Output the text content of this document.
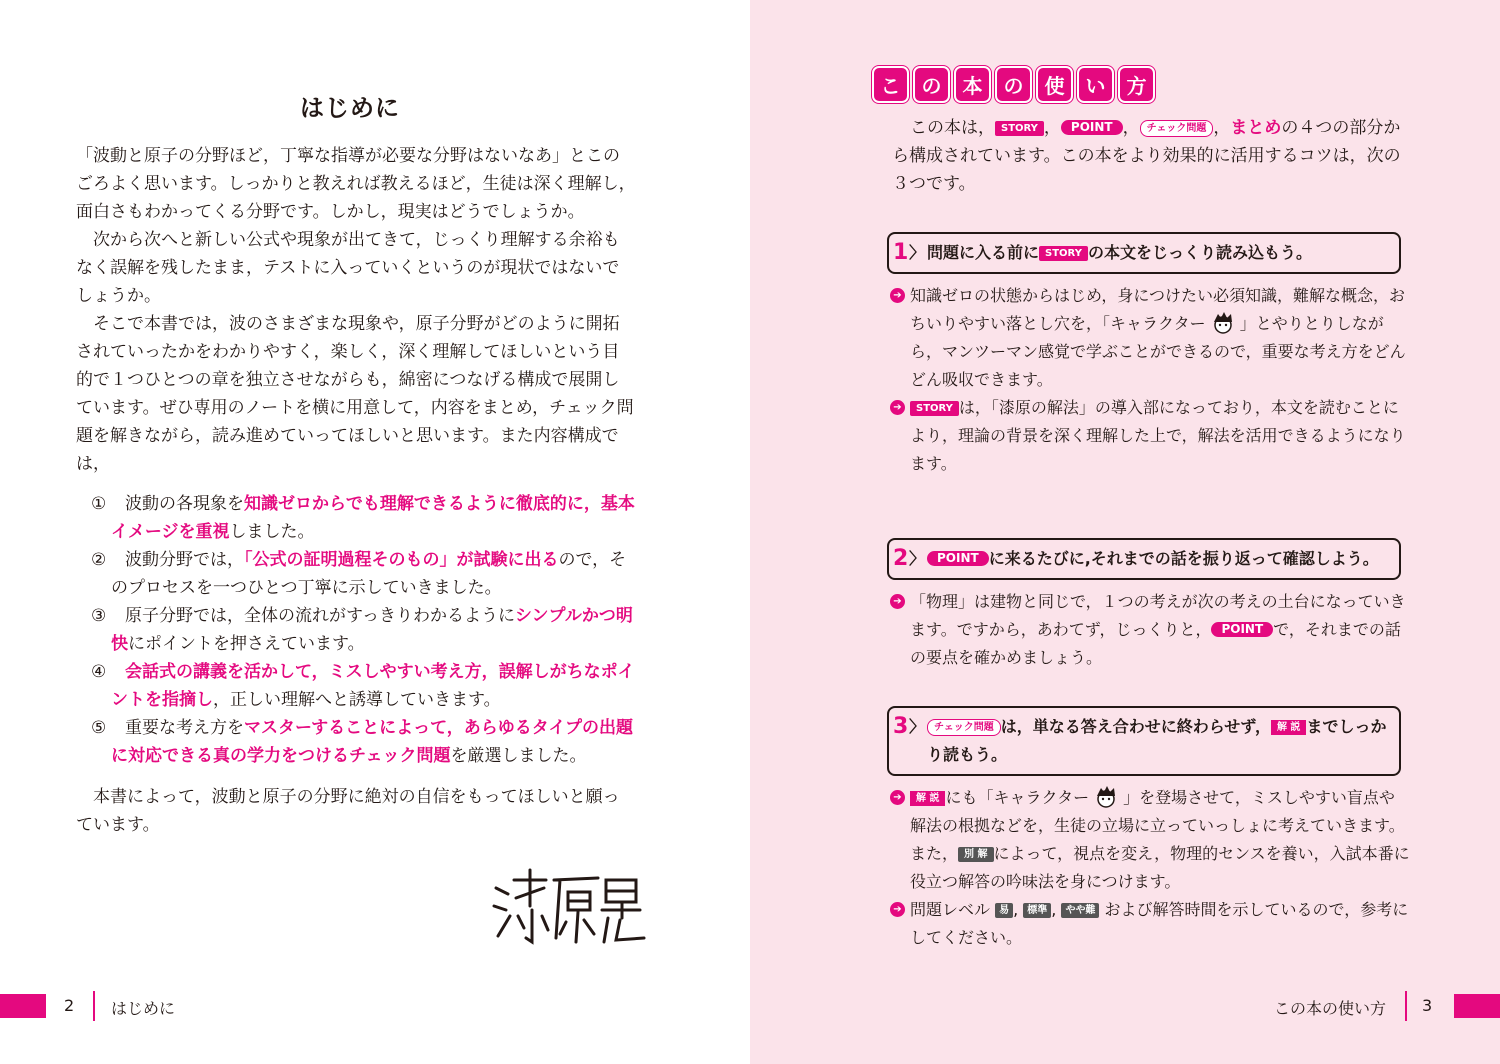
はじめに

「波動と原子の分野ほど，丁寧な指導が必要な分野はないなあ」とこのごろよく思います。しっかりと教えれば教えるほど，生徒は深く理解し，面白さもわかってくる分野です。しかし，現実はどうでしょうか。

次から次へと新しい公式や現象が出てきて，じっくり理解する余裕もなく誤解を残したまま，テストに入っていくというのが現状ではないでしょうか。

そこで本書では，波のさまざまな現象や，原子分野がどのように開拓されていったかをわかりやすく，楽しく，深く理解してほしいという目的で１つひとつの章を独立させながらも，綿密につなげる構成で展開しています。ぜひ専用のノートを横に用意して，内容をまとめ，チェック問題を解きながら，読み進めていってほしいと思います。また内容構成では，

① 波動の各現象を知識ゼロからでも理解できるように徹底的に，基本イメージを重視しました。
② 波動分野では，「公式の証明過程そのもの」が試験に出るので，そのプロセスを一つひとつ丁寧に示していきました。
③ 原子分野では，全体の流れがすっきりわかるようにシンプルかつ明快にポイントを押さえています。
④ 会話式の講義を活かして，ミスしやすい考え方，誤解しがちなポイントを指摘し，正しい理解へと誘導していきます。
⑤ 重要な考え方をマスターすることによって，あらゆるタイプの出題に対応できる真の学力をつけるチェック問題を厳選しました。

本書によって，波動と原子の分野に絶対の自信をもってほしいと願っています。

2 はじめに
こ	の	本	の	使	い	方

この本は， STORY ， POINT ， チェック問題 ，まとめの４つの部分から構成されています。この本をより効果的に活用するコツは，次の３つです。

1 〉 問題に入る前に STORY の本文をじっくり読み込もう。
➔ 知識ゼロの状態からはじめ，身につけたい必須知識，難解な概念，おちいりやすい落とし穴を，「キャラクター 」とやりとりしながら，マンツーマン感覚で学ぶことができるので，重要な考え方をどんどん吸収できます。
➔	STORY は，「漆原の解法」の導入部になっており，本文を読むことにより，理論の背景を深く理解した上で，解法を活用できるようになります。
2 〉 POINT に来るたびに,それまでの話を振り返って確認しよう。
➔ 「物理」は建物と同じで，１つの考えが次の考えの土台になっていきます。ですから，あわてず，じっくりと， POINT で，それまでの話の要点を確かめましょう。
3 〉 チェック問題 は，単なる答え合わせに終わらせず， 解 説 までしっかり読もう。
➔	解 説 にも「キャラクター 」を登場させて，ミスしやすい盲点や解法の根拠などを，生徒の立場に立っていっしょに考えていきます。また， 別 解 によって，視点を変え，物理的センスを養い，入試本番に役立つ解答の吟味法を身につけます。
➔ 問題レベル 易 , 標準 , やや難 および解答時間を示しているので，参考にしてください。
この本の使い方 3
